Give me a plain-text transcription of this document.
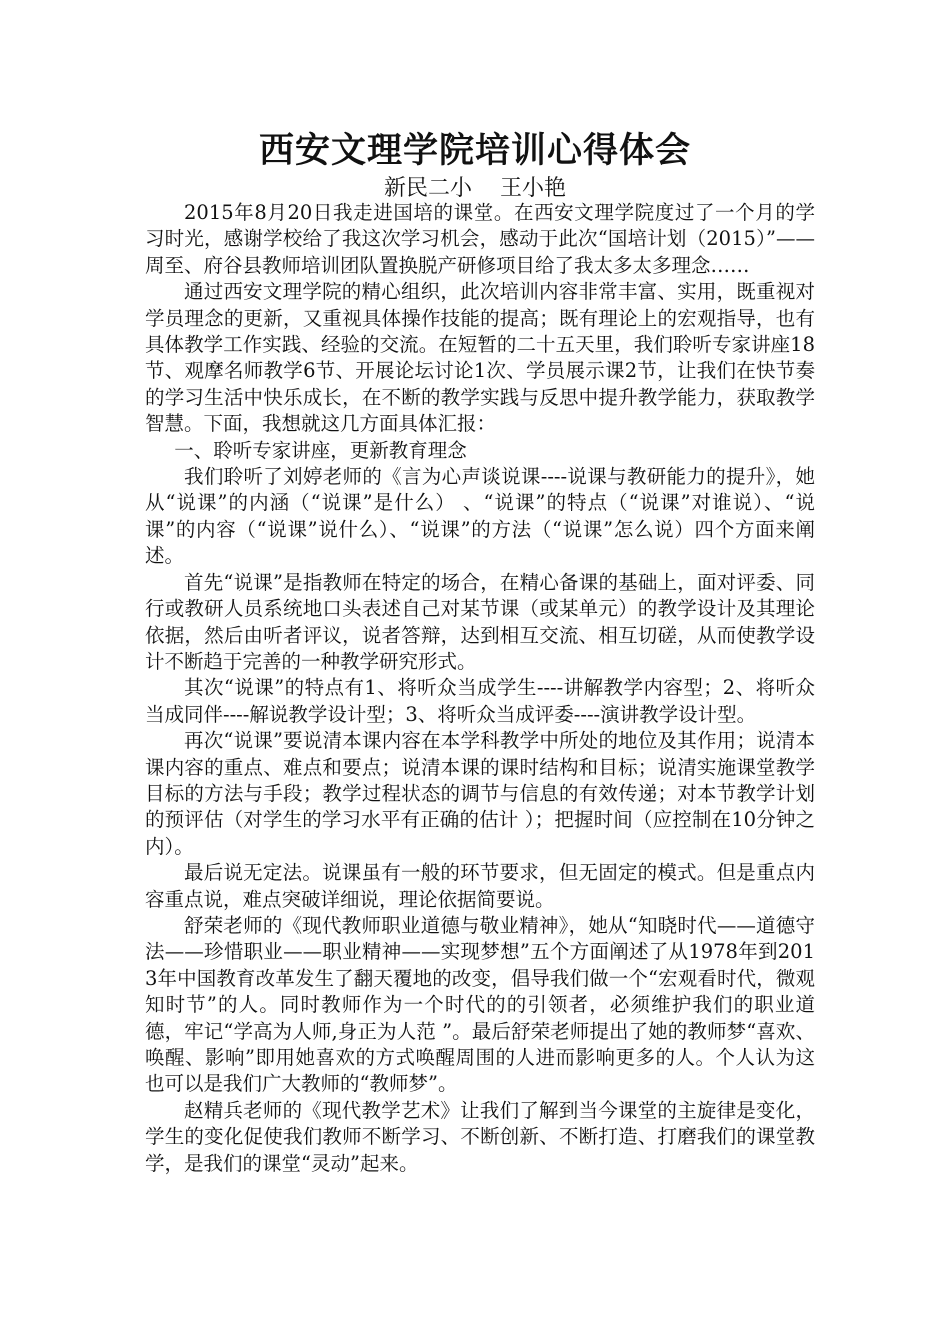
西安文理学院培训心得体会
新民二小    王小艳

2015年8月20日我走进国培的课堂。在西安文理学院度过了一个月的学习时光，感谢学校给了我这次学习机会，感动于此次“国培计划（2015）”——周至、府谷县教师培训团队置换脱产研修项目给了我太多太多理念……

通过西安文理学院的精心组织，此次培训内容非常丰富、实用，既重视对学员理念的更新，又重视具体操作技能的提高；既有理论上的宏观指导，也有具体教学工作实践、经验的交流。在短暂的二十五天里，我们聆听专家讲座18节、观摩名师教学6节、开展论坛讨论1次、学员展示课2节，让我们在快节奏的学习生活中快乐成长，在不断的教学实践与反思中提升教学能力，获取教学智慧。下面，我想就这几方面具体汇报：

一、聆听专家讲座，更新教育理念

我们聆听了刘婷老师的《言为心声谈说课----说课与教研能力的提升》，她从“说课”的内涵（“说课”是什么） 、“说课”的特点（“说课”对谁说）、“说课”的内容（“说课”说什么）、“说课”的方法（“说课”怎么说）四个方面来阐述。

首先“说课”是指教师在特定的场合，在精心备课的基础上，面对评委、同行或教研人员系统地口头表述自己对某节课（或某单元）的教学设计及其理论依据，然后由听者评议，说者答辩，达到相互交流、相互切磋，从而使教学设计不断趋于完善的一种教学研究形式。

其次“说课”的特点有1、将听众当成学生----讲解教学内容型；2、将听众当成同伴----解说教学设计型；3、将听众当成评委----演讲教学设计型。

再次“说课”要说清本课内容在本学科教学中所处的地位及其作用；说清本课内容的重点、难点和要点；说清本课的课时结构和目标；说清实施课堂教学目标的方法与手段；教学过程状态的调节与信息的有效传递；对本节教学计划的预评估（对学生的学习水平有正确的估计 ）；把握时间（应控制在10分钟之内）。

最后说无定法。说课虽有一般的环节要求，但无固定的模式。但是重点内容重点说，难点突破详细说，理论依据简要说。

舒荣老师的《现代教师职业道德与敬业精神》，她从“知晓时代——道德守法——珍惜职业——职业精神——实现梦想”五个方面阐述了从1978年到2013年中国教育改革发生了翻天覆地的改变，倡导我们做一个“宏观看时代，微观知时节”的人。同时教师作为一个时代的的引领者，必须维护我们的职业道德，牢记“学高为人师,身正为人范 ”。最后舒荣老师提出了她的教师梦“喜欢、唤醒、影响”即用她喜欢的方式唤醒周围的人进而影响更多的人。个人认为这也可以是我们广大教师的“教师梦”。

赵精兵老师的《现代教学艺术》让我们了解到当今课堂的主旋律是变化，学生的变化促使我们教师不断学习、不断创新、不断打造、打磨我们的课堂教学，是我们的课堂“灵动”起来。
